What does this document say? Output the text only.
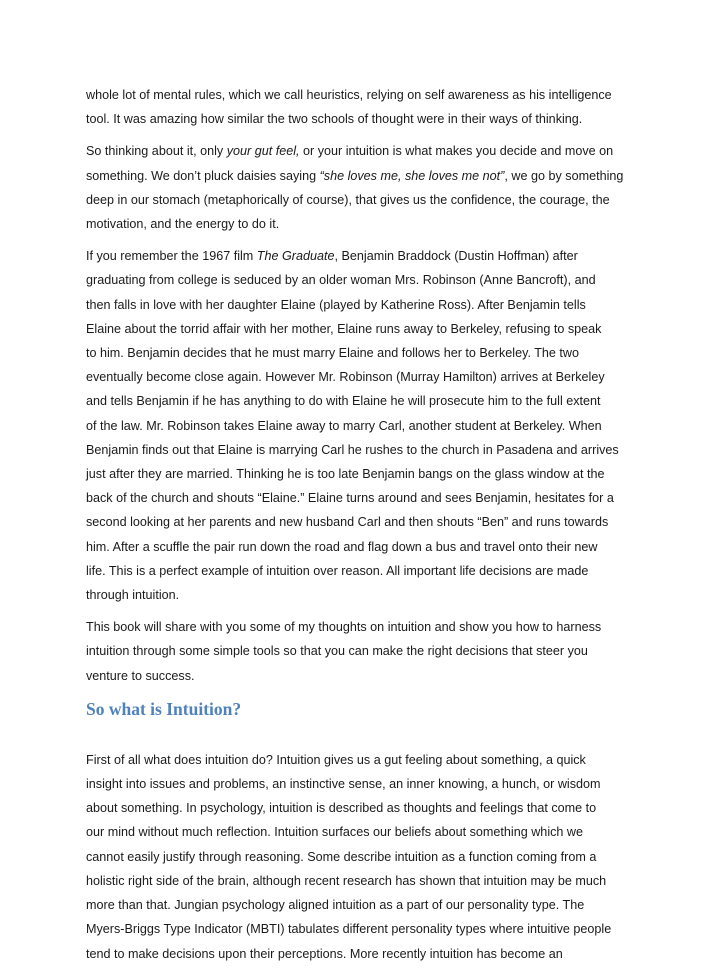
whole lot of mental rules, which we call heuristics, relying on self awareness as his intelligence
tool. It was amazing how similar the two schools of thought were in their ways of thinking.

So thinking about it, only your gut feel, or your intuition is what makes you decide and move on
something. We don’t pluck daisies saying “she loves me, she loves me not”, we go by something
deep in our stomach (metaphorically of course), that gives us the confidence, the courage, the
motivation, and the energy to do it.

If you remember the 1967 film The Graduate, Benjamin Braddock (Dustin Hoffman) after
graduating from college is seduced by an older woman Mrs. Robinson (Anne Bancroft), and
then falls in love with her daughter Elaine (played by Katherine Ross). After Benjamin tells
Elaine about the torrid affair with her mother, Elaine runs away to Berkeley, refusing to speak
to him. Benjamin decides that he must marry Elaine and follows her to Berkeley. The two
eventually become close again. However Mr. Robinson (Murray Hamilton) arrives at Berkeley
and tells Benjamin if he has anything to do with Elaine he will prosecute him to the full extent
of the law. Mr. Robinson takes Elaine away to marry Carl, another student at Berkeley. When
Benjamin finds out that Elaine is marrying Carl he rushes to the church in Pasadena and arrives
just after they are married. Thinking he is too late Benjamin bangs on the glass window at the
back of the church and shouts “Elaine.” Elaine turns around and sees Benjamin, hesitates for a
second looking at her parents and new husband Carl and then shouts “Ben” and runs towards
him. After a scuffle the pair run down the road and flag down a bus and travel onto their new
life. This is a perfect example of intuition over reason. All important life decisions are made
through intuition.

This book will share with you some of my thoughts on intuition and show you how to harness
intuition through some simple tools so that you can make the right decisions that steer you
venture to success.

So what is Intuition?

First of all what does intuition do? Intuition gives us a gut feeling about something, a quick
insight into issues and problems, an instinctive sense, an inner knowing, a hunch, or wisdom
about something. In psychology, intuition is described as thoughts and feelings that come to
our mind without much reflection. Intuition surfaces our beliefs about something which we
cannot easily justify through reasoning. Some describe intuition as a function coming from a
holistic right side of the brain, although recent research has shown that intuition may be much
more than that. Jungian psychology aligned intuition as a part of our personality type. The
Myers-Briggs Type Indicator (MBTI) tabulates different personality types where intuitive people
tend to make decisions upon their perceptions. More recently intuition has become an
